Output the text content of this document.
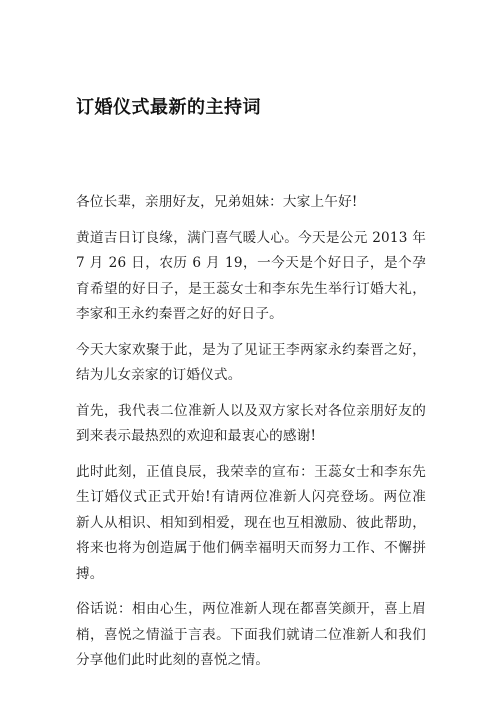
订婚仪式最新的主持词

各位长辈，亲朋好友，兄弟姐妹：大家上午好!

黄道吉日订良缘，满门喜气暖人心。今天是公元 2013 年 7 月 26 日，农历 6 月 19，一今天是个好日子，是个孕育希望的好日子，是王蕊女士和李东先生举行订婚大礼，李家和王永约秦晋之好的好日子。

今天大家欢聚于此，是为了见证王李两家永约秦晋之好，结为儿女亲家的订婚仪式。

首先，我代表二位准新人以及双方家长对各位亲朋好友的到来表示最热烈的欢迎和最衷心的感谢!

此时此刻，正值良辰，我荣幸的宣布：王蕊女士和李东先生订婚仪式正式开始!有请两位准新人闪亮登场。两位准新人从相识、相知到相爱，现在也互相激励、彼此帮助，将来也将为创造属于他们俩幸福明天而努力工作、不懈拼搏。

俗话说：相由心生，两位准新人现在都喜笑颜开，喜上眉梢，喜悦之情溢于言表。下面我们就请二位准新人和我们分享他们此时此刻的喜悦之情。
